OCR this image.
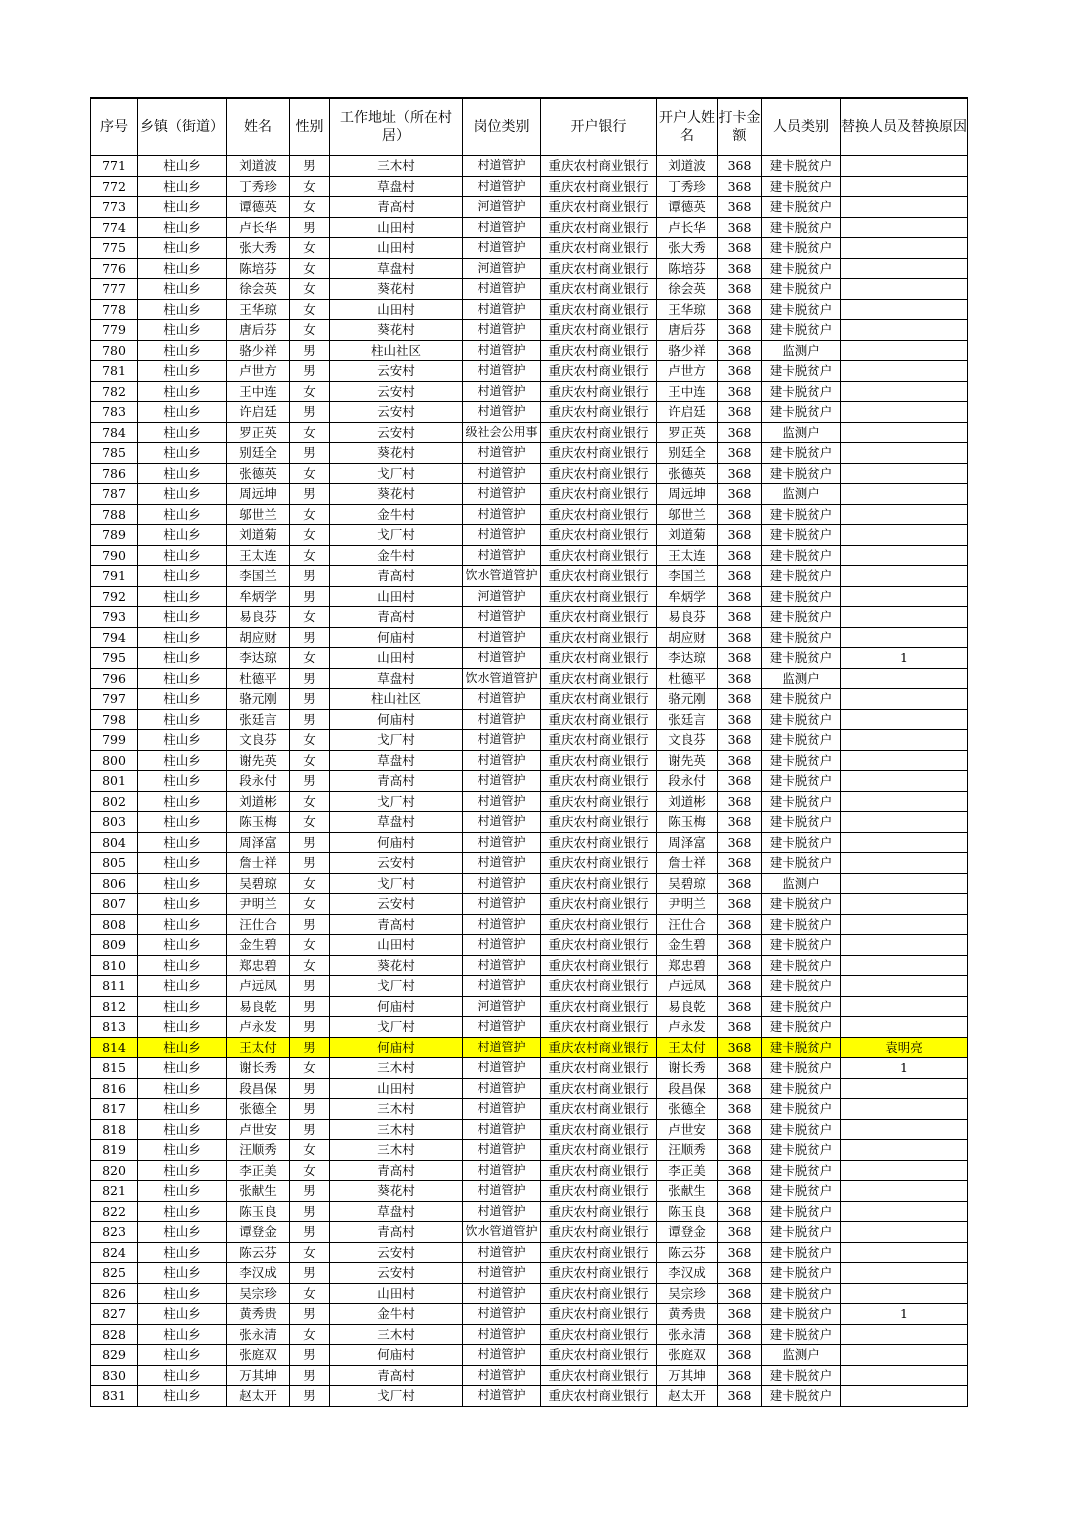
序号	乡镇（街道）	姓名	性别	工作地址（所在村居）	岗位类别	开户银行	开户人姓名	打卡金额	人员类别	替换人员及替换原因
771	柱山乡	刘道波	男	三木村	村道管护	重庆农村商业银行	刘道波	368	建卡脱贫户	
772	柱山乡	丁秀珍	女	草盘村	村道管护	重庆农村商业银行	丁秀珍	368	建卡脱贫户	
773	柱山乡	谭德英	女	青高村	河道管护	重庆农村商业银行	谭德英	368	建卡脱贫户	
774	柱山乡	卢长华	男	山田村	村道管护	重庆农村商业银行	卢长华	368	建卡脱贫户	
775	柱山乡	张大秀	女	山田村	村道管护	重庆农村商业银行	张大秀	368	建卡脱贫户	
776	柱山乡	陈培芬	女	草盘村	河道管护	重庆农村商业银行	陈培芬	368	建卡脱贫户	
777	柱山乡	徐会英	女	葵花村	村道管护	重庆农村商业银行	徐会英	368	建卡脱贫户	
778	柱山乡	王华琼	女	山田村	村道管护	重庆农村商业银行	王华琼	368	建卡脱贫户	
779	柱山乡	唐后芬	女	葵花村	村道管护	重庆农村商业银行	唐后芬	368	建卡脱贫户	
780	柱山乡	骆少祥	男	柱山社区	村道管护	重庆农村商业银行	骆少祥	368	监测户	
781	柱山乡	卢世方	男	云安村	村道管护	重庆农村商业银行	卢世方	368	建卡脱贫户	
782	柱山乡	王中连	女	云安村	村道管护	重庆农村商业银行	王中连	368	建卡脱贫户	
783	柱山乡	许启廷	男	云安村	村道管护	重庆农村商业银行	许启廷	368	建卡脱贫户	
784	柱山乡	罗正英	女	云安村	级社会公用事	重庆农村商业银行	罗正英	368	监测户	
785	柱山乡	别廷全	男	葵花村	村道管护	重庆农村商业银行	别廷全	368	建卡脱贫户	
786	柱山乡	张德英	女	戈厂村	村道管护	重庆农村商业银行	张德英	368	建卡脱贫户	
787	柱山乡	周远坤	男	葵花村	村道管护	重庆农村商业银行	周远坤	368	监测户	
788	柱山乡	邬世兰	女	金牛村	村道管护	重庆农村商业银行	邬世兰	368	建卡脱贫户	
789	柱山乡	刘道菊	女	戈厂村	村道管护	重庆农村商业银行	刘道菊	368	建卡脱贫户	
790	柱山乡	王太连	女	金牛村	村道管护	重庆农村商业银行	王太连	368	建卡脱贫户	
791	柱山乡	李国兰	男	青高村	饮水管道管护	重庆农村商业银行	李国兰	368	建卡脱贫户	
792	柱山乡	牟炳学	男	山田村	河道管护	重庆农村商业银行	牟炳学	368	建卡脱贫户	
793	柱山乡	易良芬	女	青高村	村道管护	重庆农村商业银行	易良芬	368	建卡脱贫户	
794	柱山乡	胡应财	男	何庙村	村道管护	重庆农村商业银行	胡应财	368	建卡脱贫户	
795	柱山乡	李达琼	女	山田村	村道管护	重庆农村商业银行	李达琼	368	建卡脱贫户	1
796	柱山乡	杜德平	男	草盘村	饮水管道管护	重庆农村商业银行	杜德平	368	监测户	
797	柱山乡	骆元刚	男	柱山社区	村道管护	重庆农村商业银行	骆元刚	368	建卡脱贫户	
798	柱山乡	张廷言	男	何庙村	村道管护	重庆农村商业银行	张廷言	368	建卡脱贫户	
799	柱山乡	文良芬	女	戈厂村	村道管护	重庆农村商业银行	文良芬	368	建卡脱贫户	
800	柱山乡	谢先英	女	草盘村	村道管护	重庆农村商业银行	谢先英	368	建卡脱贫户	
801	柱山乡	段永付	男	青高村	村道管护	重庆农村商业银行	段永付	368	建卡脱贫户	
802	柱山乡	刘道彬	女	戈厂村	村道管护	重庆农村商业银行	刘道彬	368	建卡脱贫户	
803	柱山乡	陈玉梅	女	草盘村	村道管护	重庆农村商业银行	陈玉梅	368	建卡脱贫户	
804	柱山乡	周泽富	男	何庙村	村道管护	重庆农村商业银行	周泽富	368	建卡脱贫户	
805	柱山乡	詹士祥	男	云安村	村道管护	重庆农村商业银行	詹士祥	368	建卡脱贫户	
806	柱山乡	吴碧琼	女	戈厂村	村道管护	重庆农村商业银行	吴碧琼	368	监测户	
807	柱山乡	尹明兰	女	云安村	村道管护	重庆农村商业银行	尹明兰	368	建卡脱贫户	
808	柱山乡	汪仕合	男	青高村	村道管护	重庆农村商业银行	汪仕合	368	建卡脱贫户	
809	柱山乡	金生碧	女	山田村	村道管护	重庆农村商业银行	金生碧	368	建卡脱贫户	
810	柱山乡	郑忠碧	女	葵花村	村道管护	重庆农村商业银行	郑忠碧	368	建卡脱贫户	
811	柱山乡	卢远凤	男	戈厂村	村道管护	重庆农村商业银行	卢远凤	368	建卡脱贫户	
812	柱山乡	易良乾	男	何庙村	河道管护	重庆农村商业银行	易良乾	368	建卡脱贫户	
813	柱山乡	卢永发	男	戈厂村	村道管护	重庆农村商业银行	卢永发	368	建卡脱贫户	
814	柱山乡	王太付	男	何庙村	村道管护	重庆农村商业银行	王太付	368	建卡脱贫户	袁明亮
815	柱山乡	谢长秀	女	三木村	村道管护	重庆农村商业银行	谢长秀	368	建卡脱贫户	1
816	柱山乡	段昌保	男	山田村	村道管护	重庆农村商业银行	段昌保	368	建卡脱贫户	
817	柱山乡	张德全	男	三木村	村道管护	重庆农村商业银行	张德全	368	建卡脱贫户	
818	柱山乡	卢世安	男	三木村	村道管护	重庆农村商业银行	卢世安	368	建卡脱贫户	
819	柱山乡	汪顺秀	女	三木村	村道管护	重庆农村商业银行	汪顺秀	368	建卡脱贫户	
820	柱山乡	李正美	女	青高村	村道管护	重庆农村商业银行	李正美	368	建卡脱贫户	
821	柱山乡	张献生	男	葵花村	村道管护	重庆农村商业银行	张献生	368	建卡脱贫户	
822	柱山乡	陈玉良	男	草盘村	村道管护	重庆农村商业银行	陈玉良	368	建卡脱贫户	
823	柱山乡	谭登金	男	青高村	饮水管道管护	重庆农村商业银行	谭登金	368	建卡脱贫户	
824	柱山乡	陈云芬	女	云安村	村道管护	重庆农村商业银行	陈云芬	368	建卡脱贫户	
825	柱山乡	李汉成	男	云安村	村道管护	重庆农村商业银行	李汉成	368	建卡脱贫户	
826	柱山乡	吴宗珍	女	山田村	村道管护	重庆农村商业银行	吴宗珍	368	建卡脱贫户	
827	柱山乡	黄秀贵	男	金牛村	村道管护	重庆农村商业银行	黄秀贵	368	建卡脱贫户	1
828	柱山乡	张永清	女	三木村	村道管护	重庆农村商业银行	张永清	368	建卡脱贫户	
829	柱山乡	张庭双	男	何庙村	村道管护	重庆农村商业银行	张庭双	368	监测户	
830	柱山乡	万其坤	男	青高村	村道管护	重庆农村商业银行	万其坤	368	建卡脱贫户	
831	柱山乡	赵太开	男	戈厂村	村道管护	重庆农村商业银行	赵太开	368	建卡脱贫户	
